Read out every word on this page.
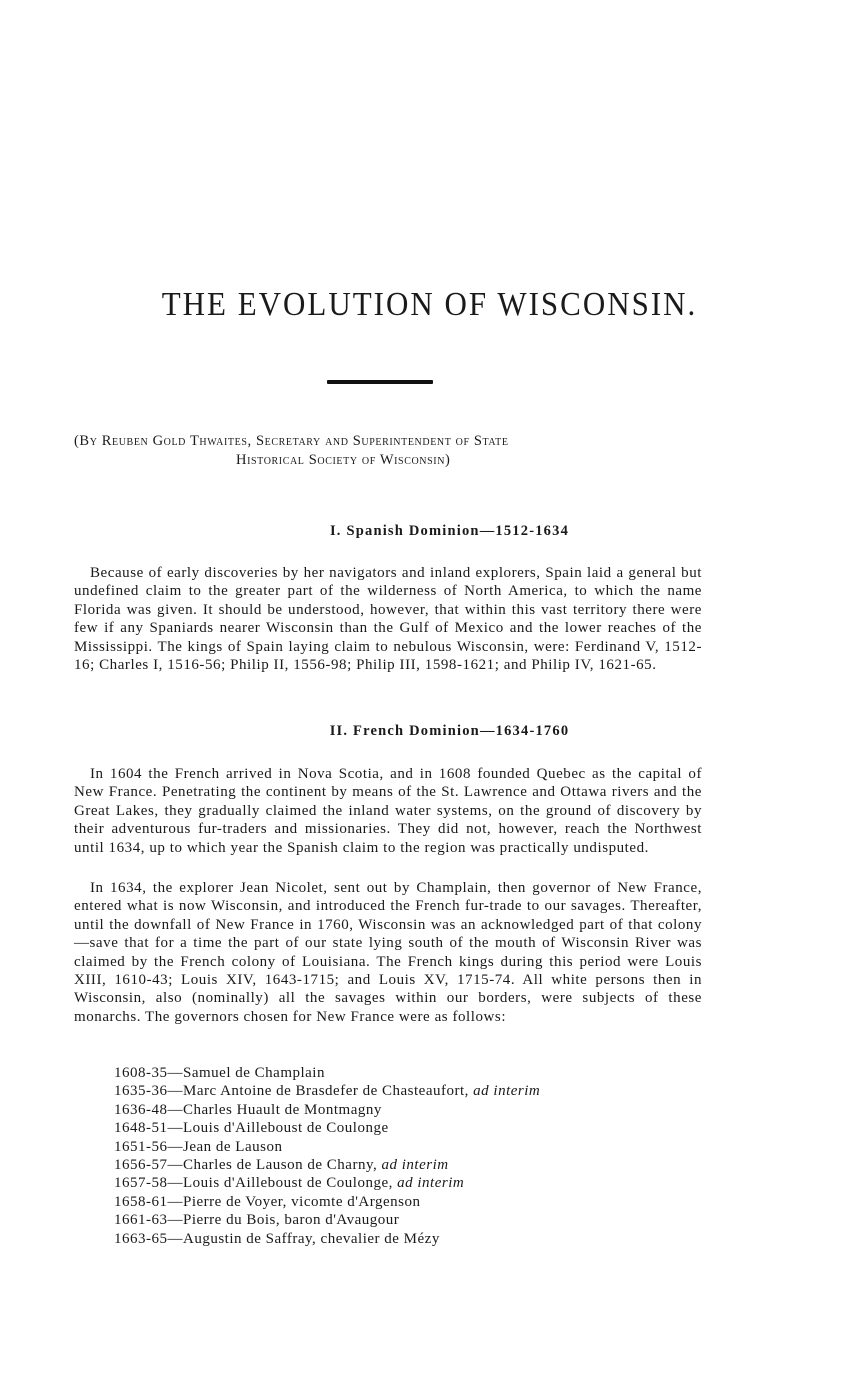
THE EVOLUTION OF WISCONSIN.
(By Reuben Gold Thwaites, Secretary and Superintendent of State
Historical Society of Wisconsin)
I. Spanish Dominion—1512-1634

Because of early discoveries by her navigators and inland explorers, Spain laid a general but undefined claim to the greater part of the wilderness of North America, to which the name Florida was given. It should be understood, however, that within this vast territory there were few if any Spaniards nearer Wisconsin than the Gulf of Mexico and the lower reaches of the Mississippi. The kings of Spain laying claim to nebulous Wisconsin, were: Ferdinand V, 1512-16; Charles I, 1516-56; Philip II, 1556-98; Philip III, 1598-1621; and Philip IV, 1621-65.

II. French Dominion—1634-1760

In 1604 the French arrived in Nova Scotia, and in 1608 founded Quebec as the capital of New France. Penetrating the continent by means of the St. Lawrence and Ottawa rivers and the Great Lakes, they gradually claimed the inland water systems, on the ground of discovery by their adventurous fur-traders and missionaries. They did not, however, reach the Northwest until 1634, up to which year the Spanish claim to the region was practically undisputed.

In 1634, the explorer Jean Nicolet, sent out by Champlain, then governor of New France, entered what is now Wisconsin, and introduced the French fur-trade to our savages. Thereafter, until the downfall of New France in 1760, Wisconsin was an acknowledged part of that colony—save that for a time the part of our state lying south of the mouth of Wisconsin River was claimed by the French colony of Louisiana. The French kings during this period were Louis XIII, 1610-43; Louis XIV, 1643-1715; and Louis XV, 1715-74. All white persons then in Wisconsin, also (nominally) all the savages within our borders, were subjects of these monarchs. The governors chosen for New France were as follows:

1608-35—Samuel de Champlain
1635-36—Marc Antoine de Brasdefer de Chasteaufort, ad interim
1636-48—Charles Huault de Montmagny
1648-51—Louis d'Ailleboust de Coulonge
1651-56—Jean de Lauson
1656-57—Charles de Lauson de Charny, ad interim
1657-58—Louis d'Ailleboust de Coulonge, ad interim
1658-61—Pierre de Voyer, vicomte d'Argenson
1661-63—Pierre du Bois, baron d'Avaugour
1663-65—Augustin de Saffray, chevalier de Mézy
